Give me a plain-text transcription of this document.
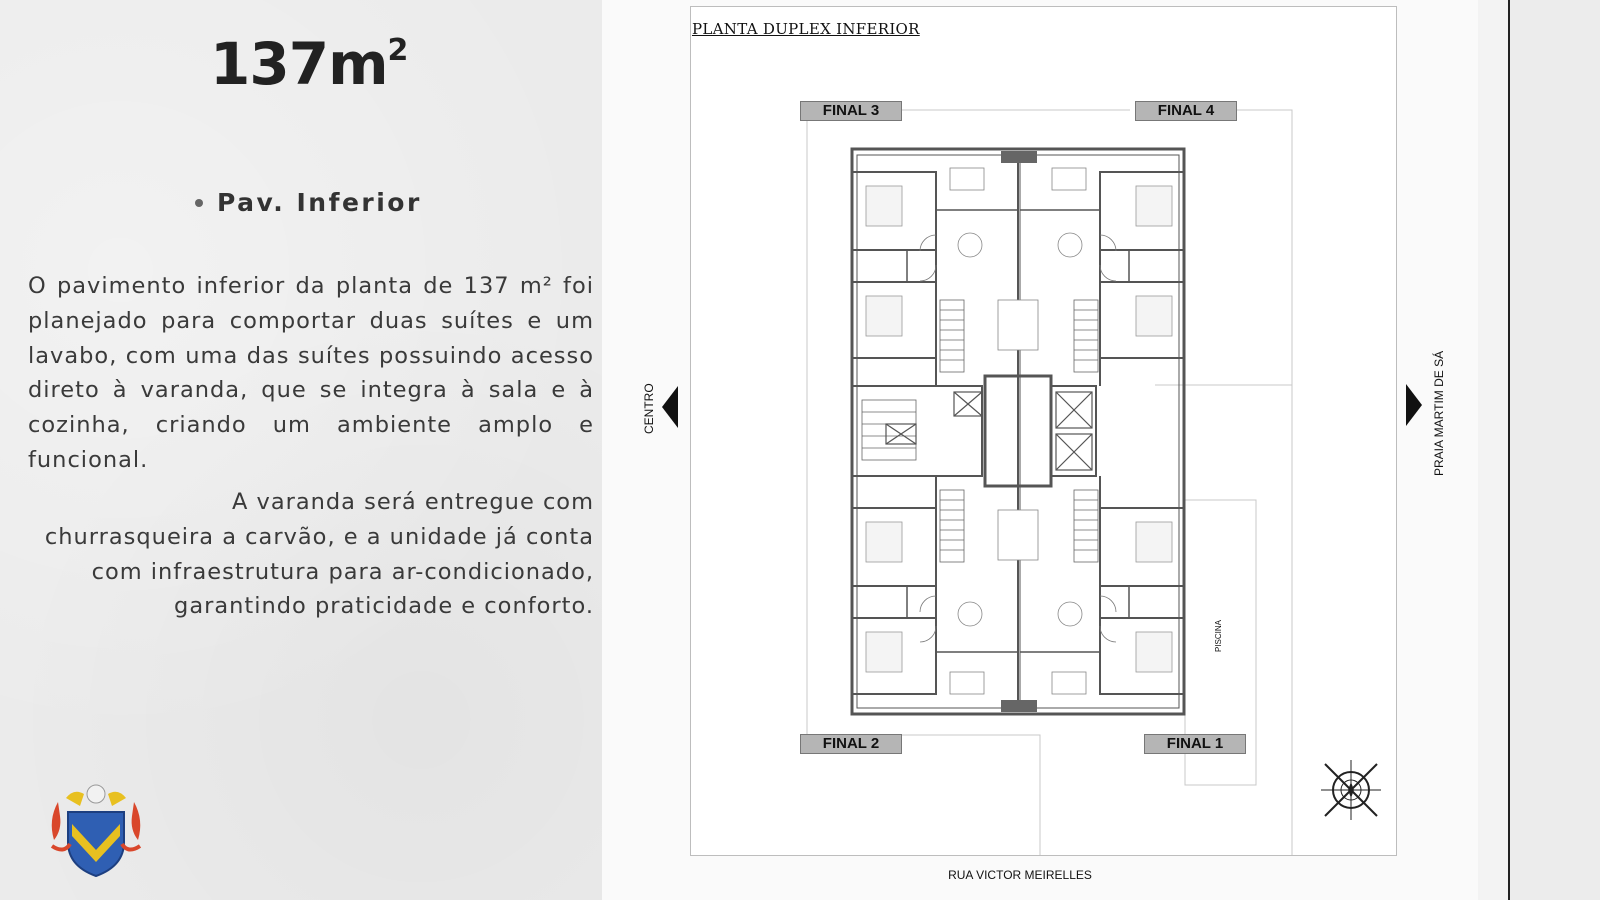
$137m^2$
Pav. Inferior
O pavimento inferior da planta de 137 m² foi planejado para comportar duas suítes e um lavabo, com uma das suítes possuindo acesso direto à varanda, que se integra à sala e à cozinha, criando um ambiente amplo e funcional.
A varanda será entregue com churrasqueira a carvão, e a unidade já conta com infraestrutura para ar-condicionado, garantindo praticidade e conforto.
PLANTA DUPLEX INFERIOR
FINAL 3	FINAL 4
FINAL 2	FINAL 1
CENTRO	PRAIA MARTIM DE SÁ
PISCINA
RUA VICTOR MEIRELLES
